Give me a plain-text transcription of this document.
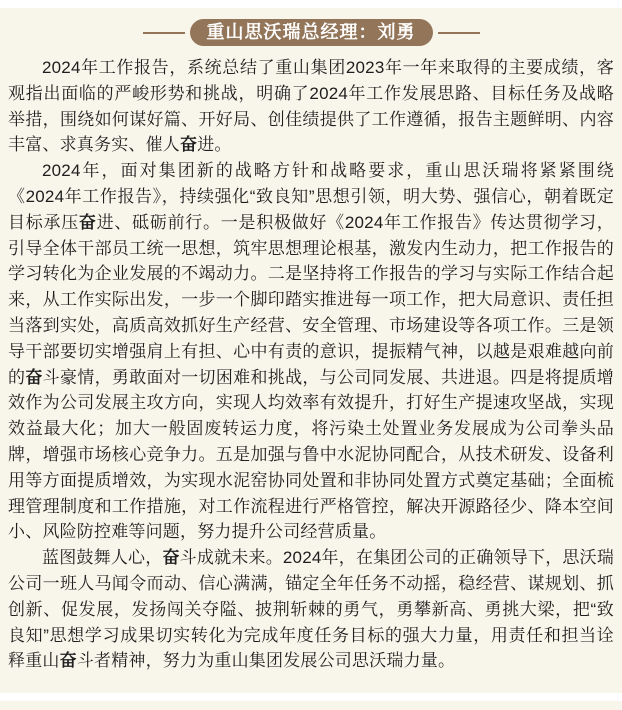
重山思沃瑞总经理：刘勇

2024年工作报告，系统总结了重山集团2023年一年来取得的主要成绩，客观指出面临的严峻形势和挑战，明确了2024年工作发展思路、目标任务及战略举措，围绕如何谋好篇、开好局、创佳绩提供了工作遵循，报告主题鲜明、内容丰富、求真务实、催人奋进。

2024年，面对集团新的战略方针和战略要求，重山思沃瑞将紧紧围绕《2024年工作报告》，持续强化“致良知”思想引领，明大势、强信心，朝着既定目标承压奋进、砥砺前行。一是积极做好《2024年工作报告》传达贯彻学习，引导全体干部员工统一思想，筑牢思想理论根基，激发内生动力，把工作报告的学习转化为企业发展的不竭动力。二是坚持将工作报告的学习与实际工作结合起来，从工作实际出发，一步一个脚印踏实推进每一项工作，把大局意识、责任担当落到实处，高质高效抓好生产经营、安全管理、市场建设等各项工作。三是领导干部要切实增强肩上有担、心中有责的意识，提振精气神，以越是艰难越向前的奋斗豪情，勇敢面对一切困难和挑战，与公司同发展、共进退。四是将提质增效作为公司发展主攻方向，实现人均效率有效提升，打好生产提速攻坚战，实现效益最大化；加大一般固废转运力度，将污染土处置业务发展成为公司拳头品牌，增强市场核心竞争力。五是加强与鲁中水泥协同配合，从技术研发、设备利用等方面提质增效，为实现水泥窑协同处置和非协同处置方式奠定基础；全面梳理管理制度和工作措施，对工作流程进行严格管控，解决开源路径少、降本空间小、风险防控难等问题，努力提升公司经营质量。

蓝图鼓舞人心，奋斗成就未来。2024年，在集团公司的正确领导下，思沃瑞公司一班人马闻令而动、信心满满，锚定全年任务不动摇，稳经营、谋规划、抓创新、促发展，发扬闯关夺隘、披荆斩棘的勇气，勇攀新高、勇挑大梁，把“致良知”思想学习成果切实转化为完成年度任务目标的强大力量，用责任和担当诠释重山奋斗者精神，努力为重山集团发展公司思沃瑞力量。
